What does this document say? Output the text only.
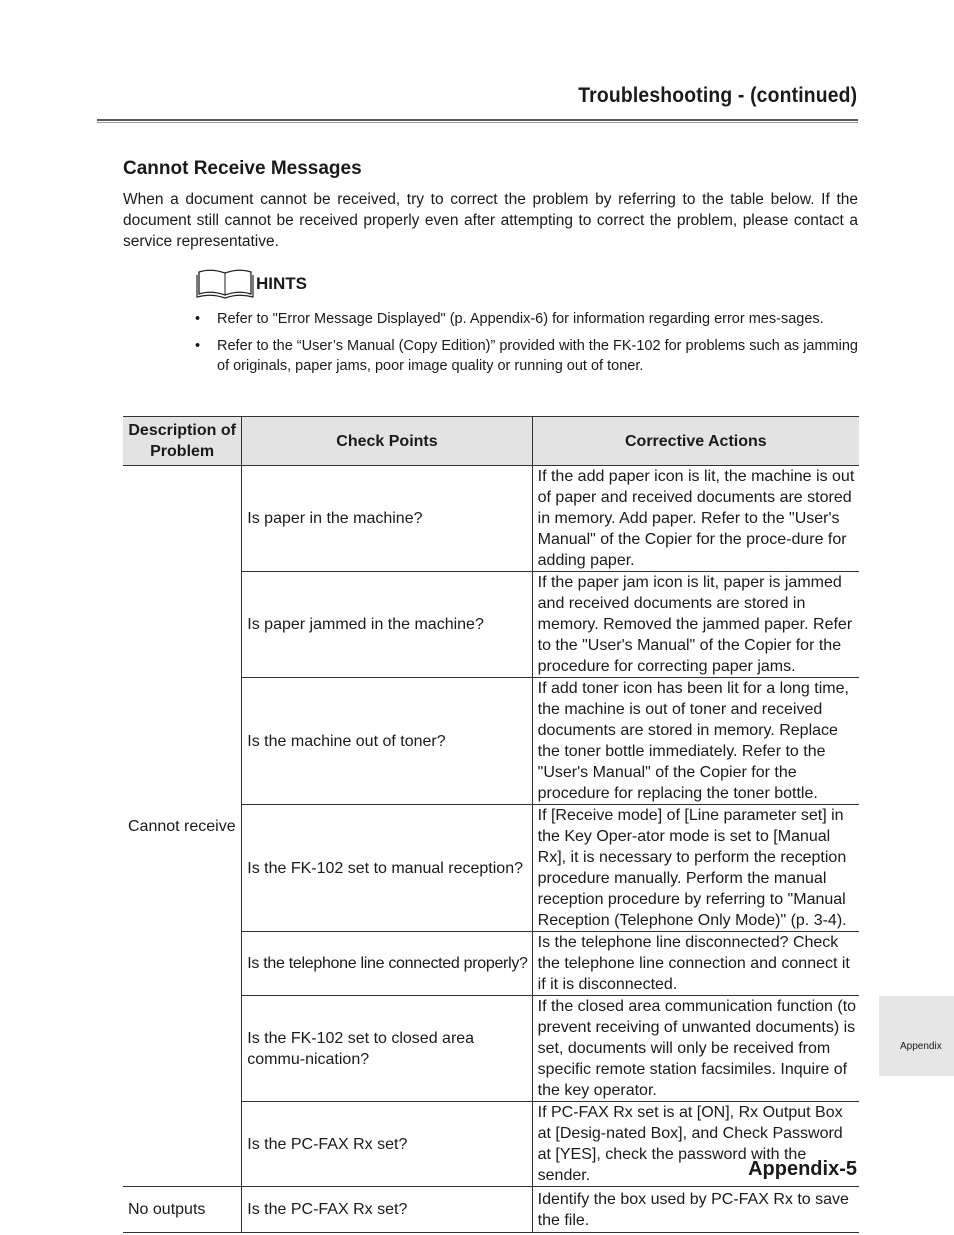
Troubleshooting - (continued)
Cannot Receive Messages

When a document cannot be received, try to correct the problem by referring to the table below. If the document still cannot be received properly even after attempting to correct the problem, please contact a service representative.

HINTS
• Refer to "Error Message Displayed" (p. Appendix-6) for information regarding error mes-sages.
• Refer to the “User’s Manual (Copy Edition)” provided with the FK-102 for problems such as jamming of originals, paper jams, poor image quality or running out of toner.
Description of Problem	Check Points	Corrective Actions
Cannot receive	Is paper in the machine?	If the add paper icon is lit, the machine is out of paper and received documents are stored in memory. Add paper. Refer to the "User's Manual" of the Copier for the proce-dure for adding paper.
	Is paper jammed in the machine?	If the paper jam icon is lit, paper is jammed and received documents are stored in memory. Removed the jammed paper. Refer to the "User's Manual" of the Copier for the procedure for correcting paper jams.
	Is the machine out of toner?	If add toner icon has been lit for a long time, the machine is out of toner and received documents are stored in memory. Replace the toner bottle immediately. Refer to the "User's Manual" of the Copier for the procedure for replacing the toner bottle.
	Is the FK-102 set to manual reception?	If [Receive mode] of [Line parameter set] in the Key Oper-ator mode is set to [Manual Rx], it is necessary to perform the reception procedure manually. Perform the manual reception procedure by referring to "Manual Reception (Telephone Only Mode)" (p. 3-4).
	Is the telephone line connected properly?	Is the telephone line disconnected? Check the telephone line connection and connect it if it is disconnected.
	Is the FK-102 set to closed area commu-nication?	If the closed area communication function (to prevent receiving of unwanted documents) is set, documents will only be received from specific remote station facsimiles. Inquire of the key operator.
	Is the PC-FAX Rx set?	If PC-FAX Rx set is at [ON], Rx Output Box at [Desig-nated Box], and Check Password at [YES], check the password with the sender.
No outputs	Is the PC-FAX Rx set?	Identify the box used by PC-FAX Rx to save the file.
Appendix
Appendix-5
